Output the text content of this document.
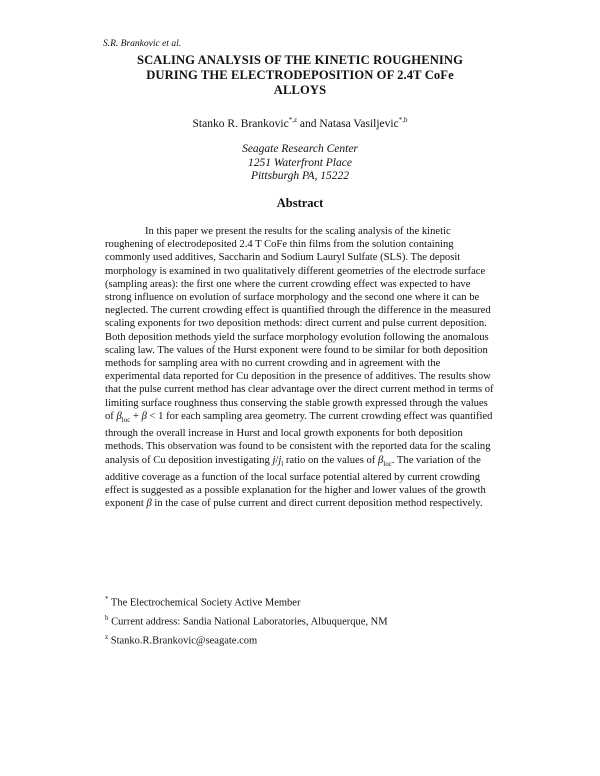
S.R. Brankovic et al.
SCALING ANALYSIS OF THE KINETIC ROUGHENING
DURING THE ELECTRODEPOSITION OF 2.4T CoFe
ALLOYS
Stanko R. Brankovic$^{*,z}$ and Natasa Vasiljevic$^{*,b}$
Seagate Research Center
1251 Waterfront Place
Pittsburgh PA, 15222
Abstract

In this paper we present the results for the scaling analysis of the kinetic roughening of electrodeposited 2.4 T CoFe thin films from the solution containing commonly used additives, Saccharin and Sodium Lauryl Sulfate (SLS). The deposit morphology is examined in two qualitatively different geometries of the electrode surface (sampling areas): the first one where the current crowding effect was expected to have strong influence on evolution of surface morphology and the second one where it can be neglected. The current crowding effect is quantified through the difference in the measured scaling exponents for two deposition methods: direct current and pulse current deposition. Both deposition methods yield the surface morphology evolution following the anomalous scaling law. The values of the Hurst exponent were found to be similar for both deposition methods for sampling area with no current crowding and in agreement with the experimental data reported for Cu deposition in the presence of additives. The results show that the pulse current method has clear advantage over the direct current method in terms of limiting surface roughness thus conserving the stable growth expressed through the values of $\beta_{loc} + \beta < 1$ for each sampling area geometry. The current crowding effect was quantified through the overall increase in Hurst and local growth exponents for both deposition methods. This observation was found to be consistent with the reported data for the scaling analysis of Cu deposition investigating $j/j_l$ ratio on the values of $\beta_{loc}$. The variation of the additive coverage as a function of the local surface potential altered by current crowding effect is suggested as a possible explanation for the higher and lower values of the growth exponent β in the case of pulse current and direct current deposition method respectively.

* The Electrochemical Society Active Member
$^b$ Current address: Sandia National Laboratories, Albuquerque, NM
$^z$ Stanko.R.Brankovic@seagate.com
